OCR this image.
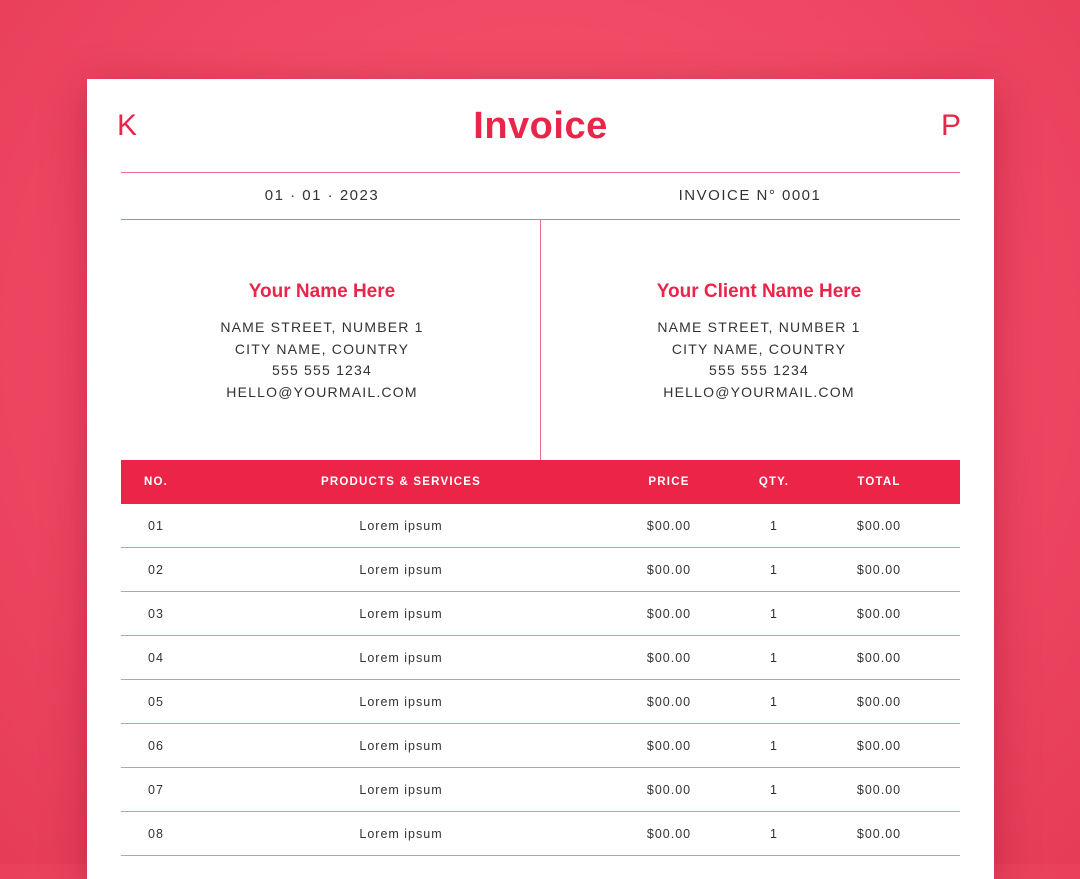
K	Invoice	P
01 · 01 · 2023	INVOICE N° 0001
Your Name Here
NAME STREET, NUMBER 1
CITY NAME, COUNTRY
555 555 1234
HELLO@YOURMAIL.COM
Your Client Name Here
NAME STREET, NUMBER 1
CITY NAME, COUNTRY
555 555 1234
HELLO@YOURMAIL.COM
NO.	PRODUCTS & SERVICES	PRICE	QTY.	TOTAL
01	Lorem ipsum	$00.00	1	$00.00
02	Lorem ipsum	$00.00	1	$00.00
03	Lorem ipsum	$00.00	1	$00.00
04	Lorem ipsum	$00.00	1	$00.00
05	Lorem ipsum	$00.00	1	$00.00
06	Lorem ipsum	$00.00	1	$00.00
07	Lorem ipsum	$00.00	1	$00.00
08	Lorem ipsum	$00.00	1	$00.00
